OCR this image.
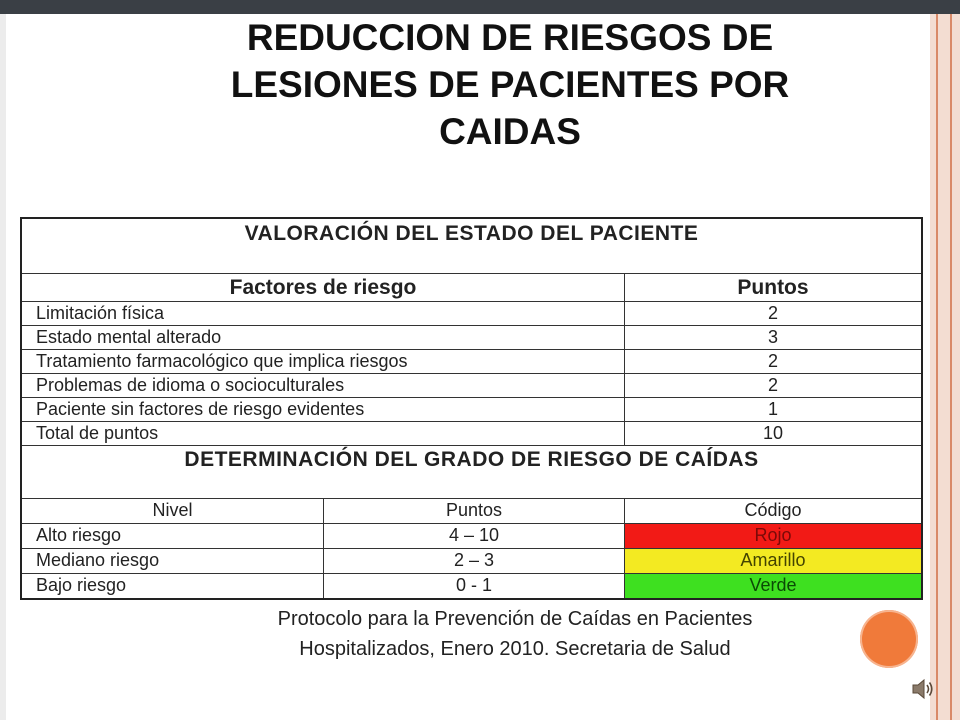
REDUCCION DE RIESGOS DE
LESIONES DE PACIENTES POR
CAIDAS
VALORACIÓN DEL ESTADO DEL PACIENTE
Factores de riesgo	Puntos
Limitación física	2
Estado mental alterado	3
Tratamiento farmacológico que implica riesgos	2
Problemas de idioma o socioculturales	2
Paciente sin factores de riesgo evidentes	1
Total de puntos	10
DETERMINACIÓN DEL GRADO DE RIESGO DE CAÍDAS
Nivel	Puntos	Código
Alto riesgo	4 – 10	Rojo
Mediano riesgo	2 – 3	Amarillo
Bajo riesgo	0 - 1	Verde
Protocolo para la Prevención de Caídas en Pacientes
Hospitalizados, Enero 2010. Secretaria de Salud
